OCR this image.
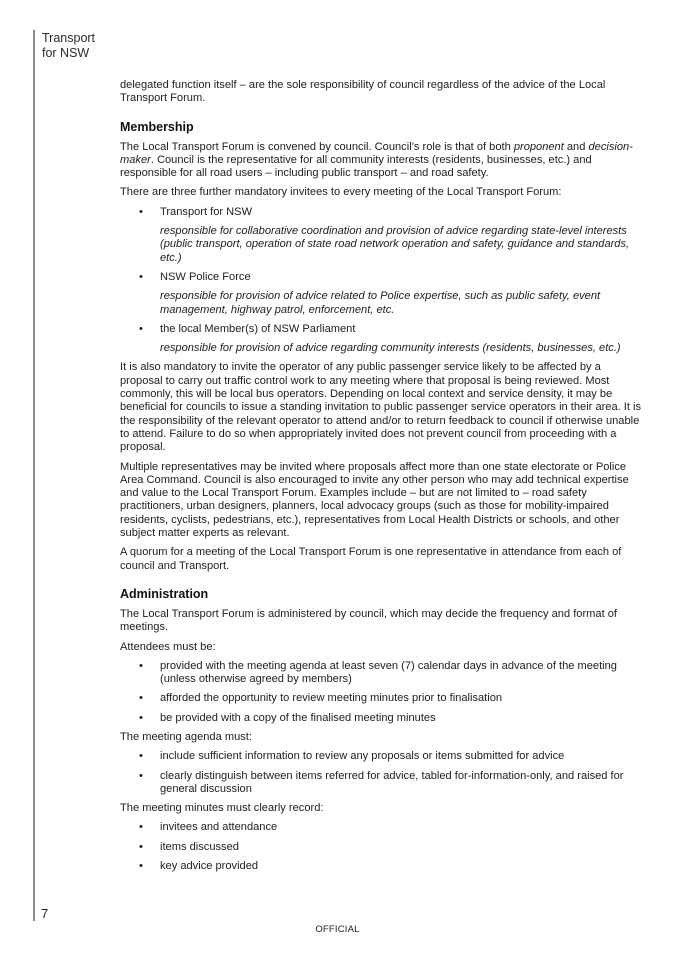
Transport
for NSW

delegated function itself – are the sole responsibility of council regardless of the advice of the Local Transport Forum.

Membership

The Local Transport Forum is convened by council. Council’s role is that of both proponent and decision-maker. Council is the representative for all community interests (residents, businesses, etc.) and responsible for all road users – including public transport – and road safety.

There are three further mandatory invitees to every meeting of the Local Transport Forum:

• Transport for NSW
responsible for collaborative coordination and provision of advice regarding state-level interests (public transport, operation of state road network operation and safety, guidance and standards, etc.)
• NSW Police Force
responsible for provision of advice related to Police expertise, such as public safety, event management, highway patrol, enforcement, etc.
• the local Member(s) of NSW Parliament
responsible for provision of advice regarding community interests (residents, businesses, etc.)

It is also mandatory to invite the operator of any public passenger service likely to be affected by a proposal to carry out traffic control work to any meeting where that proposal is being reviewed. Most commonly, this will be local bus operators. Depending on local context and service density, it may be beneficial for councils to issue a standing invitation to public passenger service operators in their area. It is the responsibility of the relevant operator to attend and/or to return feedback to council if otherwise unable to attend. Failure to do so when appropriately invited does not prevent council from proceeding with a proposal.

Multiple representatives may be invited where proposals affect more than one state electorate or Police Area Command. Council is also encouraged to invite any other person who may add technical expertise and value to the Local Transport Forum. Examples include – but are not limited to – road safety practitioners, urban designers, planners, local advocacy groups (such as those for mobility-impaired residents, cyclists, pedestrians, etc.), representatives from Local Health Districts or schools, and other subject matter experts as relevant.

A quorum for a meeting of the Local Transport Forum is one representative in attendance from each of council and Transport.

Administration

The Local Transport Forum is administered by council, which may decide the frequency and format of meetings.

Attendees must be:

• provided with the meeting agenda at least seven (7) calendar days in advance of the meeting (unless otherwise agreed by members)
• afforded the opportunity to review meeting minutes prior to finalisation
• be provided with a copy of the finalised meeting minutes

The meeting agenda must:

• include sufficient information to review any proposals or items submitted for advice
• clearly distinguish between items referred for advice, tabled for-information-only, and raised for general discussion

The meeting minutes must clearly record:

• invitees and attendance
• items discussed
• key advice provided
7
OFFICIAL
